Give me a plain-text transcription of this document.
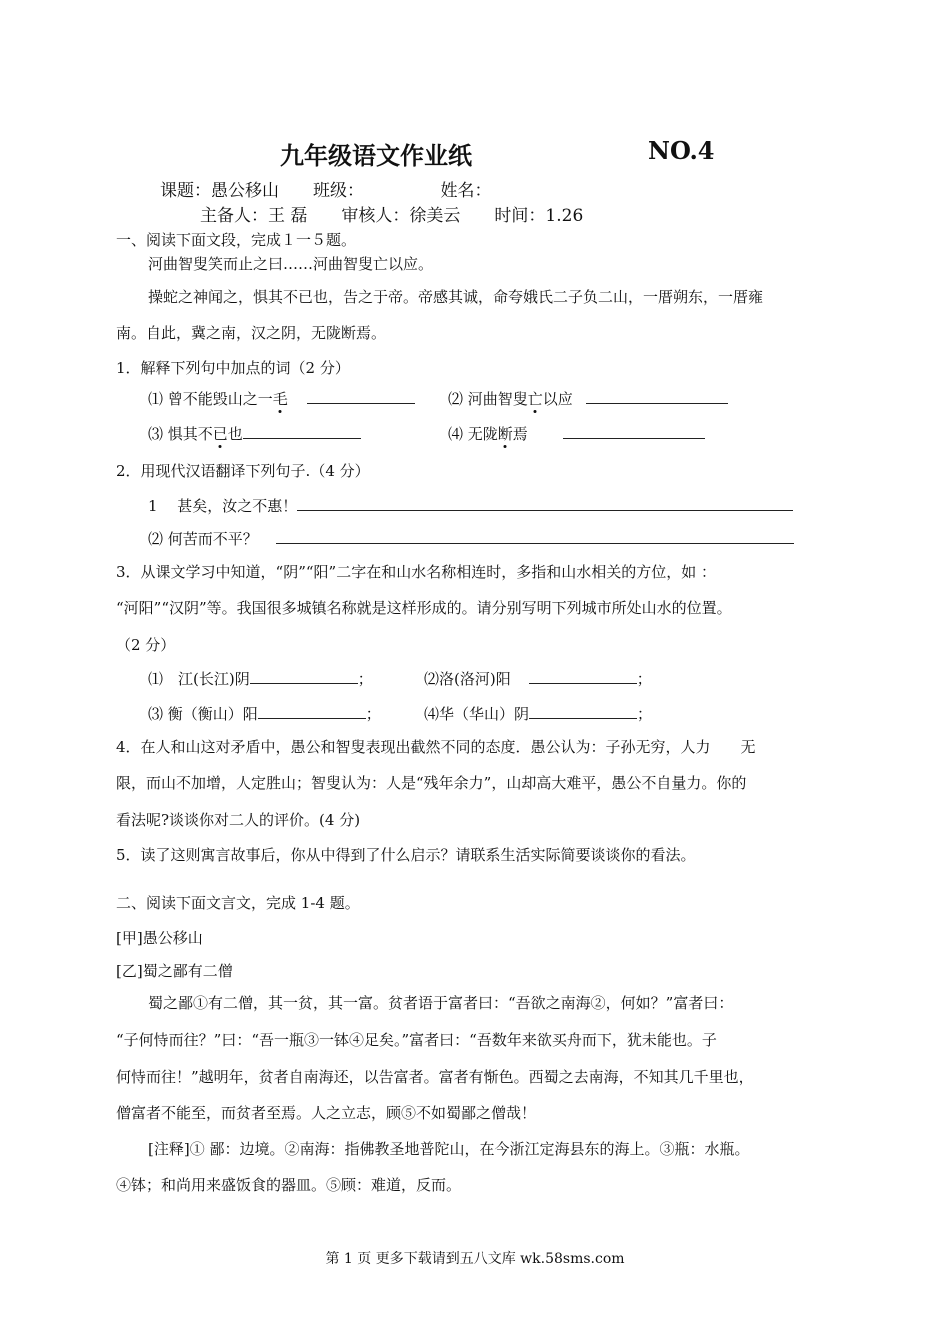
九年级语文作业纸	NO.4
课题：愚公移山　　班级：　　　　　姓名：
主备人：王 磊　　审核人：徐美云　　时间：1.26
一、阅读下面文段，完成１一５题。
河曲智叟笑而止之曰……河曲智叟亡以应。
操蛇之神闻之，惧其不已也，告之于帝。帝感其诚，命夸娥氏二子负二山，一厝朔东，一厝雍
南。自此，冀之南，汉之阴，无陇断焉。
1．解释下列句中加点的词（2 分）
⑴ 曾不能毁山之一毛	⑵ 河曲智叟亡以应
⑶ 惧其不已也	⑷ 无陇断焉
2．用现代汉语翻译下列句子.（4 分）
1　 甚矣，汝之不惠！
⑵ 何苦而不平？
3．从课文学习中知道，“阴”“阳”二字在和山水名称相连时，多指和山水相关的方位，如 ：
“河阳”“汉阴”等。我国很多城镇名称就是这样形成的。请分别写明下列城市所处山水的位置。
（2 分）
⑴　江(长江)阴	；	⑵洛(洛河)阳	；
⑶ 衡（衡山）阳	；	⑷华（华山）阴	；
4．在人和山这对矛盾中，愚公和智叟表现出截然不同的态度．愚公认为：子孙无穷，人力　　无
限，而山不加增，人定胜山；智叟认为：人是“残年余力”，山却高大难平，愚公不自量力。你的
看法呢?谈谈你对二人的评价。(4 分)
5．读了这则寓言故事后，你从中得到了什么启示？请联系生活实际简要谈谈你的看法。
二、阅读下面文言文，完成 1-4 题。
[甲]愚公移山
[乙]蜀之鄙有二僧
蜀之鄙①有二僧，其一贫，其一富。贫者语于富者曰：“吾欲之南海②，何如？”富者曰：
“子何恃而往？”曰：“吾一瓶③一钵④足矣。”富者曰：“吾数年来欲买舟而下，犹未能也。子
何恃而往！”越明年，贫者自南海还，以告富者。富者有惭色。西蜀之去南海，不知其几千里也，
僧富者不能至，而贫者至焉。人之立志，顾⑤不如蜀鄙之僧哉！
[注释]① 鄙：边境。②南海：指佛教圣地普陀山，在今浙江定海县东的海上。③瓶：水瓶。
④钵；和尚用来盛饭食的器皿。⑤顾：难道，反而。
第 1 页 更多下载请到五八文库 wk.58sms.com
